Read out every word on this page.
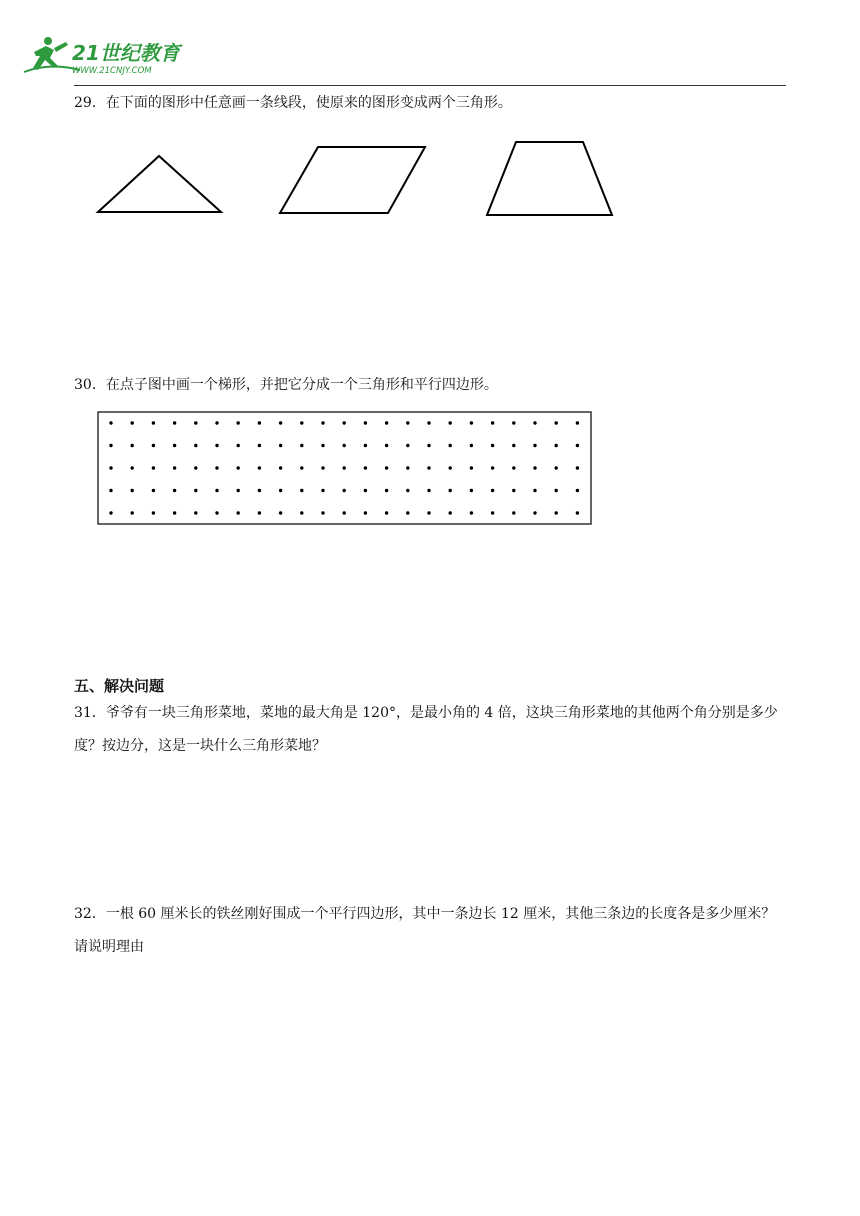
21世纪教育
WWW.21CNJY.COM
29．在下面的图形中任意画一条线段，使原来的图形变成两个三角形。
30．在点子图中画一个梯形，并把它分成一个三角形和平行四边形。
五、解决问题
31．爷爷有一块三角形菜地，菜地的最大角是 120°，是最小角的 4 倍，这块三角形菜地的其他两个角分别是多少度？按边分，这是一块什么三角形菜地？
32．一根 60 厘米长的铁丝刚好围成一个平行四边形，其中一条边长 12 厘米，其他三条边的长度各是多少厘米？请说明理由
